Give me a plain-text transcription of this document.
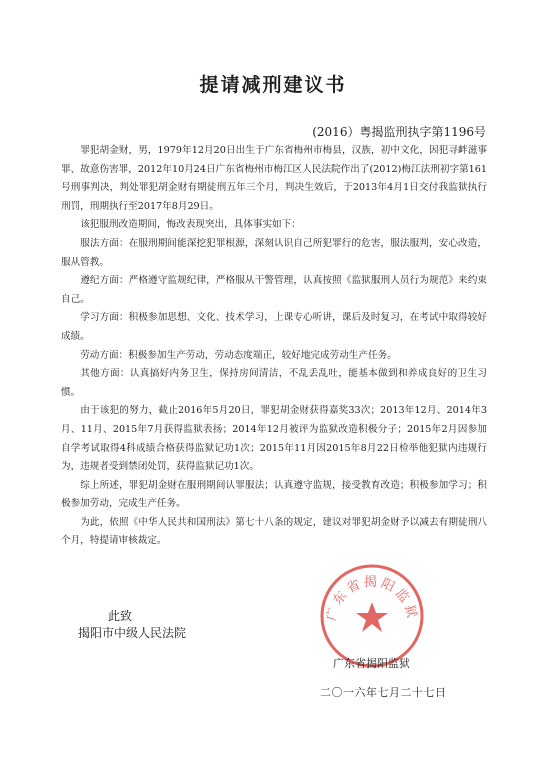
提请减刑建议书
(2016）粤揭监刑执字第1196号

罪犯胡金财，男，1979年12月20日出生于广东省梅州市梅县，汉族，初中文化，因犯寻衅滋事罪、故意伤害罪，2012年10月24日广东省梅州市梅江区人民法院作出了(2012)梅江法刑初字第161号刑事判决，判处罪犯胡金财有期徒刑五年三个月，判决生效后，于2013年4月1日交付我监狱执行刑罚，刑期执行至2017年8月29日。

该犯服刑改造期间，悔改表现突出，具体事实如下：

服法方面：在服刑期间能深挖犯罪根源，深刻认识自己所犯罪行的危害，服法服判，安心改造，服从管教。

遵纪方面：严格遵守监规纪律，严格服从干警管理，认真按照《监狱服刑人员行为规范》来约束自己。

学习方面：积极参加思想、文化、技术学习，上课专心听讲，课后及时复习，在考试中取得较好成绩。

劳动方面：积极参加生产劳动，劳动态度端正，较好地完成劳动生产任务。

其他方面：认真搞好内务卫生，保持房间清洁，不乱丢乱吐，能基本做到和养成良好的卫生习惯。

由于该犯的努力，截止2016年5月20日，罪犯胡金财获得嘉奖33次；2013年12月、2014年3月、11月、2015年7月获得监狱表扬；2014年12月被评为监狱改造积极分子；2015年2月因参加自学考试取得4科成绩合格获得监狱记功1次；2015年11月因2015年8月22日检举他犯狱内违规行为，违规者受到禁闭处罚，获得监狱记功1次。

综上所述，罪犯胡金财在服刑期间认罪服法；认真遵守监规，接受教育改造；积极参加学习；积极参加劳动，完成生产任务。

为此，依照《中华人民共和国刑法》第七十八条的规定，建议对罪犯胡金财予以减去有期徒刑八个月，特提请审核裁定。

此致
揭阳市中级人民法院
广东省揭阳监狱
广东省揭阳监狱
二〇一六年七月二十七日
